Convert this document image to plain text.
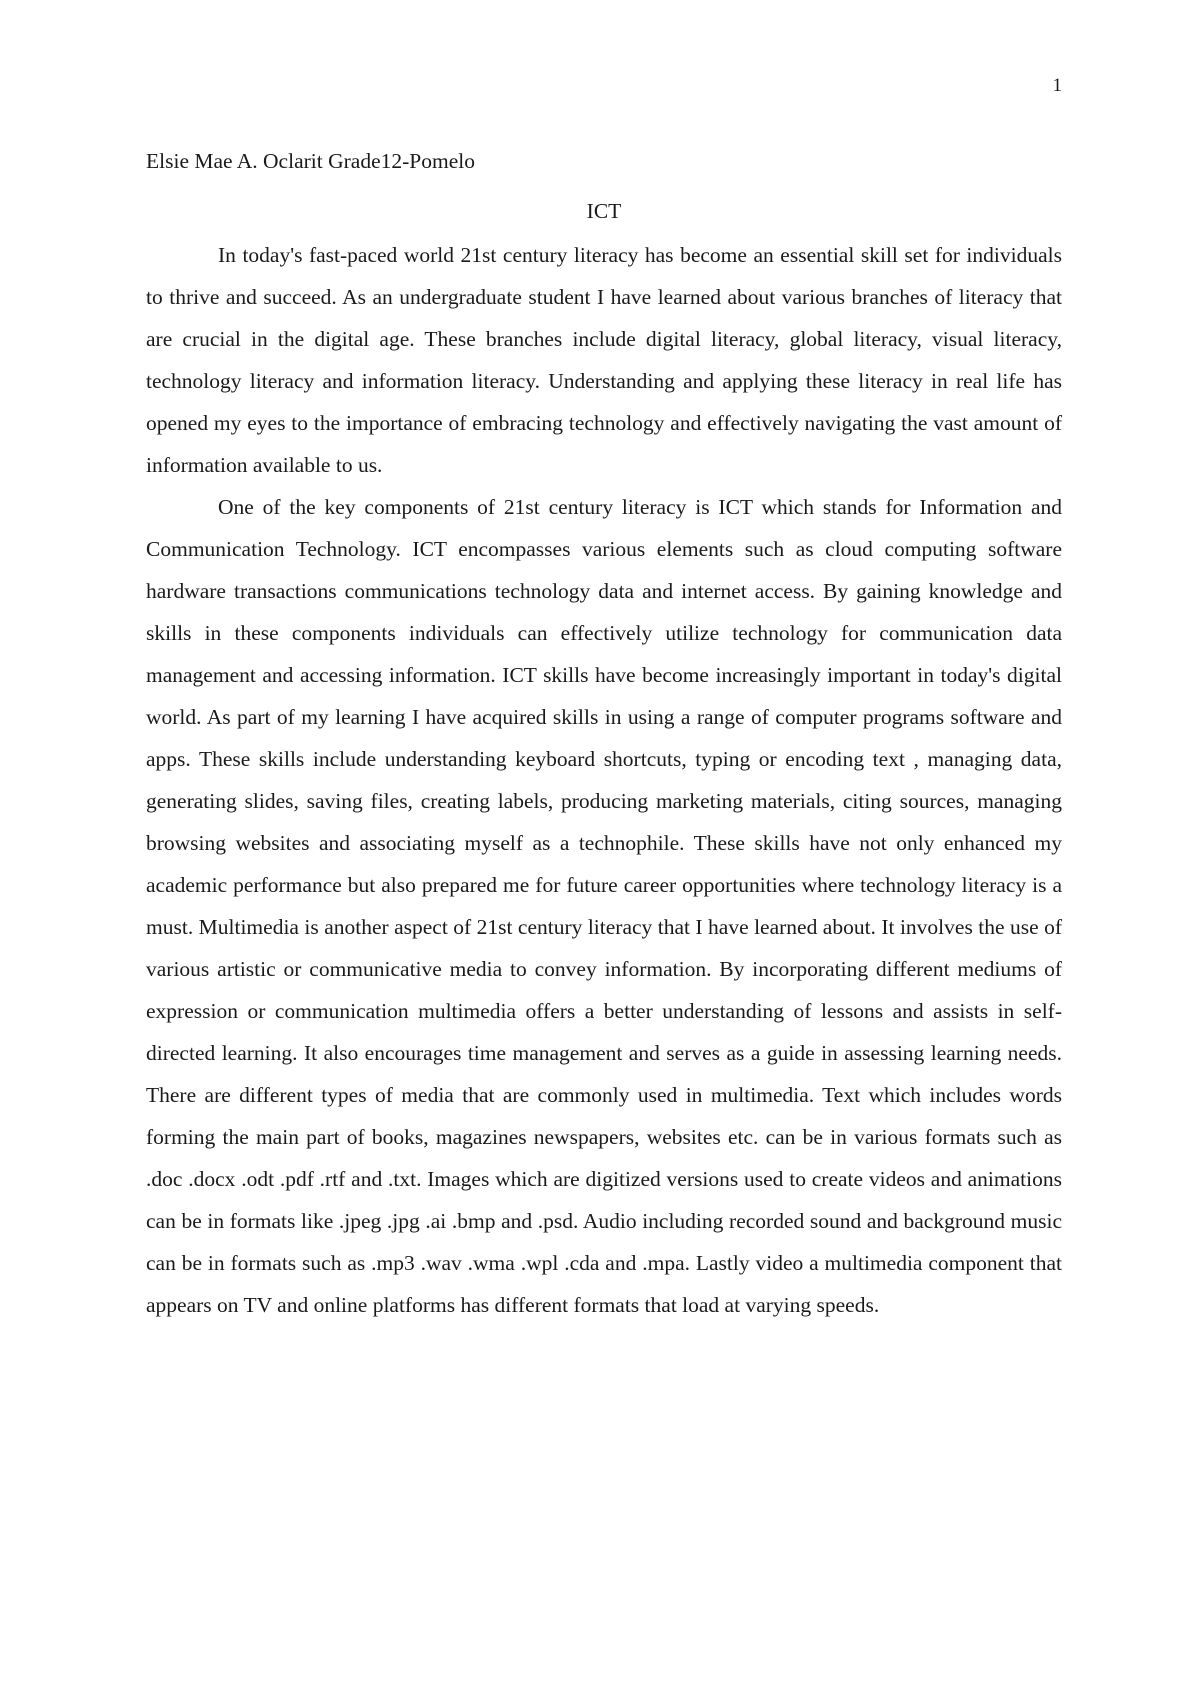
1
Elsie Mae A. Oclarit Grade12-Pomelo
ICT

In today's fast-paced world 21st century literacy has become an essential skill set for individuals to thrive and succeed. As an undergraduate student I have learned about various branches of literacy that are crucial in the digital age. These branches include digital literacy, global literacy, visual literacy, technology literacy and information literacy. Understanding and applying these literacy in real life has opened my eyes to the importance of embracing technology and effectively navigating the vast amount of information available to us.

One of the key components of 21st century literacy is ICT which stands for Information and Communication Technology. ICT encompasses various elements such as cloud computing software hardware transactions communications technology data and internet access. By gaining knowledge and skills in these components individuals can effectively utilize technology for communication data management and accessing information. ICT skills have become increasingly important in today's digital world. As part of my learning I have acquired skills in using a range of computer programs software and apps. These skills include understanding keyboard shortcuts, typing or encoding text , managing data, generating slides, saving files, creating labels, producing marketing materials, citing sources, managing browsing websites and associating myself as a technophile. These skills have not only enhanced my academic performance but also prepared me for future career opportunities where technology literacy is a must. Multimedia is another aspect of 21st century literacy that I have learned about. It involves the use of various artistic or communicative media to convey information. By incorporating different mediums of expression or communication multimedia offers a better understanding of lessons and assists in self-directed learning. It also encourages time management and serves as a guide in assessing learning needs. There are different types of media that are commonly used in multimedia. Text which includes words forming the main part of books, magazines newspapers, websites etc. can be in various formats such as .doc .docx .odt .pdf .rtf and .txt. Images which are digitized versions used to create videos and animations can be in formats like .jpeg .jpg .ai .bmp and .psd. Audio including recorded sound and background music can be in formats such as .mp3 .wav .wma .wpl .cda and .mpa. Lastly video a multimedia component that appears on TV and online platforms has different formats that load at varying speeds.
